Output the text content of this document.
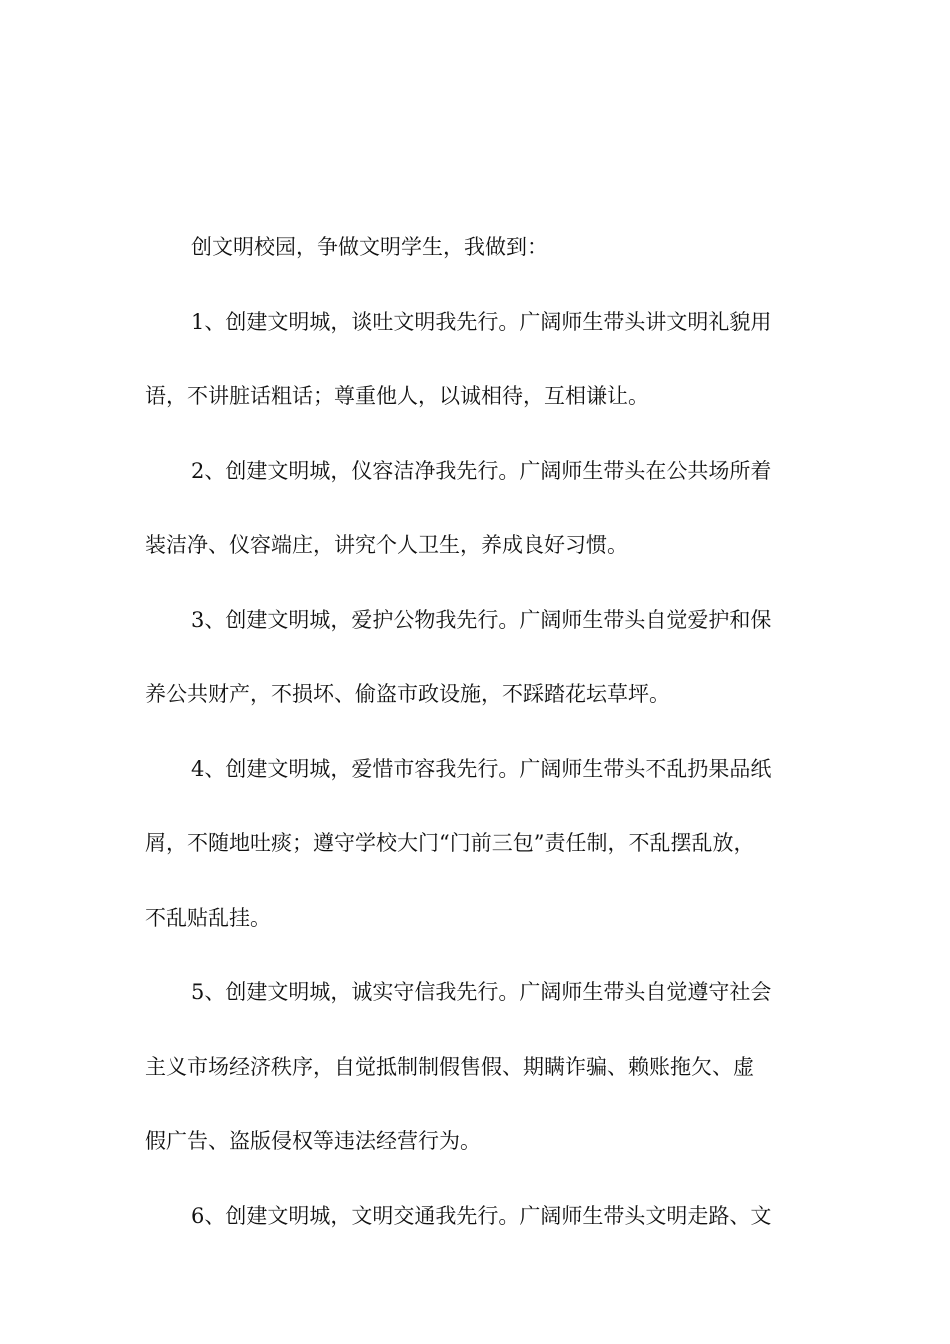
创文明校园，争做文明学生，我做到：
1、创建文明城，谈吐文明我先行。广阔师生带头讲文明礼貌用
语，不讲脏话粗话；尊重他人，以诚相待，互相谦让。
2、创建文明城，仪容洁净我先行。广阔师生带头在公共场所着
装洁净、仪容端庄，讲究个人卫生，养成良好习惯。
3、创建文明城，爱护公物我先行。广阔师生带头自觉爱护和保
养公共财产，不损坏、偷盗市政设施，不踩踏花坛草坪。
4、创建文明城，爱惜市容我先行。广阔师生带头不乱扔果品纸
屑，不随地吐痰；遵守学校大门“门前三包”责任制，不乱摆乱放，
不乱贴乱挂。
5、创建文明城，诚实守信我先行。广阔师生带头自觉遵守社会
主义市场经济秩序，自觉抵制制假售假、期瞒诈骗、赖账拖欠、虚
假广告、盗版侵权等违法经营行为。
6、创建文明城，文明交通我先行。广阔师生带头文明走路、文
